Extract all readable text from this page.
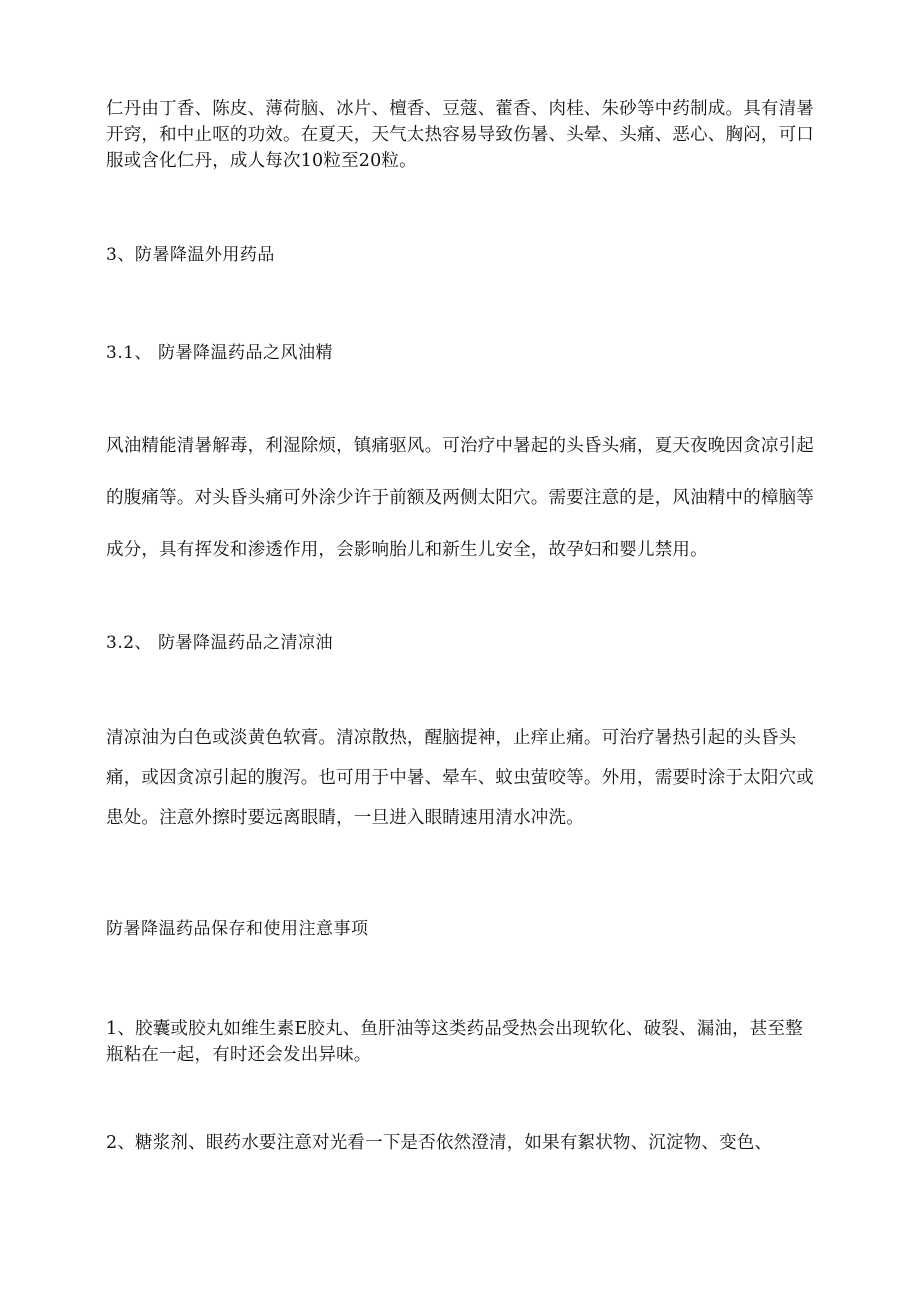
仁丹由丁香、陈皮、薄荷脑、冰片、檀香、豆蔻、藿香、肉桂、朱砂等中药制成。具有清暑开窍，和中止呕的功效。在夏天，天气太热容易导致伤暑、头晕、头痛、恶心、胸闷，可口服或含化仁丹，成人每次10粒至20粒。

3、防暑降温外用药品

3.1、 防暑降温药品之风油精

风油精能清暑解毒，利湿除烦，镇痛驱风。可治疗中暑起的头昏头痛，夏天夜晚因贪凉引起的腹痛等。对头昏头痛可外涂少许于前额及两侧太阳穴。需要注意的是，风油精中的樟脑等成分，具有挥发和渗透作用，会影响胎儿和新生儿安全，故孕妇和婴儿禁用。

3.2、 防暑降温药品之清凉油

清凉油为白色或淡黄色软膏。清凉散热，醒脑提神，止痒止痛。可治疗暑热引起的头昏头痛，或因贪凉引起的腹泻。也可用于中暑、晕车、蚊虫萤咬等。外用，需要时涂于太阳穴或患处。注意外擦时要远离眼睛，一旦进入眼睛速用清水冲洗。

防暑降温药品保存和使用注意事项

1、胶囊或胶丸如维生素E胶丸、鱼肝油等这类药品受热会出现软化、破裂、漏油，甚至整瓶粘在一起，有时还会发出异味。

2、糖浆剂、眼药水要注意对光看一下是否依然澄清，如果有絮状物、沉淀物、变色、
